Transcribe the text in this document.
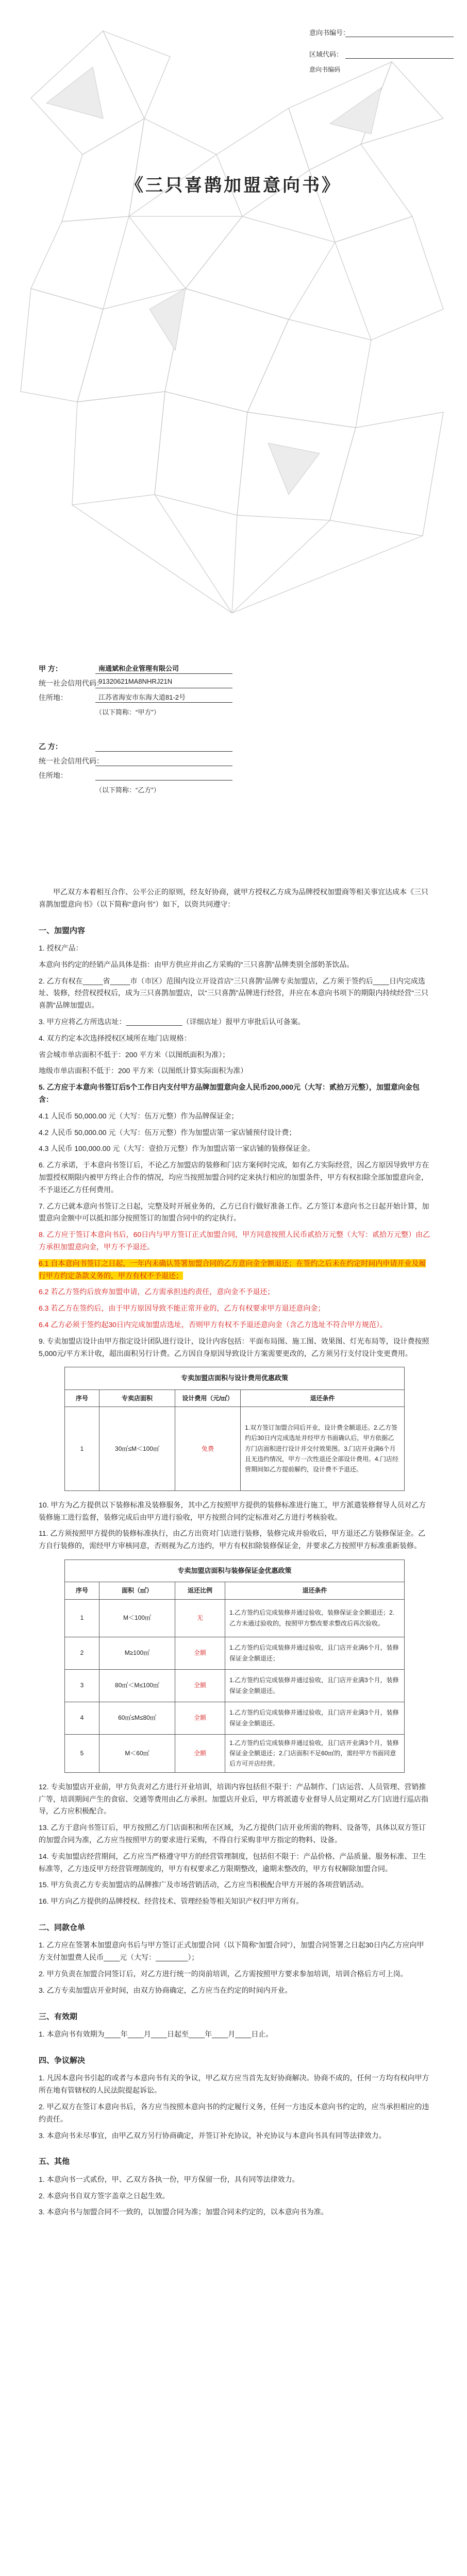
意向书编号：
区域代码：
意向书编码
《三只喜鹊加盟意向书》
甲 方：	南通斌和企业管理有限公司
统一社会信用代码：
91320621MA8NHRJ21N
住所地：	江苏省海安市东海大道81-2号
（以下简称：“甲方”）
乙 方：
统一社会信用代码：
住所地：
（以下简称：“乙方”）

甲乙双方本着相互合作、公平公正的原则，经友好协商，就甲方授权乙方成为品牌授权加盟商等相关事宜达成本《三只喜鹊加盟意向书》（以下简称“意向书”）如下，以资共同遵守：

一、加盟内容

1. 授权产品：

本意向书约定的经销产品具体是指：由甲方供应并由乙方采购的“三只喜鹊”品牌类别全部奶茶饮品。

2. 乙方有权在_____省_____市（市区）范围内设立开设首店“三只喜鹊”品牌专卖加盟店，乙方须于签约后____日内完成选址、装修，经营权授权后，成为三只喜鹊加盟店，以“三只喜鹊”品牌进行经营，并应在本意向书项下的期限内持续经营“三只喜鹊”品牌加盟店。

3. 甲方应将乙方所选店址：______________（详细店址）报甲方审批后认可备案。

4. 双方约定本次选择授权区域所在地门店规格：

省会城市单店面积不低于：200 平方米（以图纸面积为准）；

地级市单店面积不低于：200 平方米（以图纸计算实际面积为准）

5. 乙方应于本意向书签订后5个工作日内支付甲方品牌加盟意向金人民币200,000元（大写：贰拾万元整），加盟意向金包含：

4.1 人民币 50,000.00 元（大写：伍万元整）作为品牌保证金；

4.2 人民币 50,000.00 元（大写：伍万元整）作为加盟店第一家店铺预付设计费；

4.3 人民币 100,000.00 元（大写：壹拾万元整）作为加盟店第一家店铺的装修保证金。

6. 乙方承诺，于本意向书签订后，不论乙方加盟店的装修和门店方案何时完成，如有乙方实际经营，因乙方原因导致甲方在加盟授权期限内被甲方终止合作的情况，均应当按照加盟合同约定来执行相应的加盟条件，甲方有权扣除全部加盟意向金，不予退还乙方任何费用。

7. 乙方已就本意向书签订之日起，完整及时开展业务的，乙方已自行做好准备工作。乙方签订本意向书之日起开始计算，加盟意向金额中可以抵扣部分按照签订的加盟合同中的约定执行。

8. 乙方应于签订本意向书后，60日内与甲方签订正式加盟合同，甲方同意按照人民币贰拾万元整（大写：贰拾万元整）由乙方承担加盟意向金，甲方不予退还。

6.1 自本意向书签订之日起，一年内未确认签署加盟合同的乙方意向金全额退还；在签约之后未在约定时间内申请开业及履行甲方约定条款义务的，甲方有权不予退还；

6.2 若乙方签约后放弃加盟申请，乙方需承担违约责任，意向金不予退还；

6.3 若乙方在签约后，由于甲方原因导致不能正常开业的，乙方有权要求甲方退还意向金；

6.4 乙方必须于签约起30日内完成加盟店选址，否则甲方有权不予退还意向金（含乙方选址不符合甲方规范）。

9. 专卖加盟店设计由甲方指定设计团队进行设计，设计内容包括：平面布局图、施工图、效果图、灯光布局等，设计费按照5,000元/平方米计收，超出面积另行计费。乙方因自身原因导致设计方案需要更改的，乙方须另行支付设计变更费用。

专卖加盟店面积与设计费用优惠政策			
序号	专卖店面积	设计费用（元/㎡）	退还条件
1	30㎡≤M＜100㎡	免费	1.双方签订加盟合同后开业，设计费全额退还。2.乙方签约后30日内完成选址并经甲方书面确认后，甲方依据乙方门店面积进行设计并交付效果图。3.门店开业满6个月且无违约情况，甲方一次性退还全部设计费用。4.门店经营期间如乙方提前解约，设计费不予退还。

10. 甲方为乙方提供以下装修标准及装修服务，其中乙方按照甲方提供的装修标准进行施工，甲方派遣装修督导人员对乙方装修施工进行监督，装修完成后由甲方进行验收，甲方按照合同约定标准对乙方进行考核验收。

11. 乙方须按照甲方提供的装修标准执行，由乙方出资对门店进行装修，装修完成并验收后，甲方退还乙方装修保证金。乙方自行装修的，需经甲方审核同意，否则视为乙方违约，甲方有权扣除装修保证金，并要求乙方按照甲方标准重新装修。

专卖加盟店面积与装修保证金优惠政策			
序号	面积（㎡）	返还比例	退还条件
1	M＜100㎡	无	1.乙方签约后完成装修并通过验收，装修保证金全额退还；2.乙方未通过验收的，按照甲方整改要求整改后再次验收。
2	M≥100㎡	全额	1.乙方签约后完成装修并通过验收，且门店开业满6个月，装修保证金全额退还；
3	80㎡＜M≤100㎡	全额	1.乙方签约后完成装修并通过验收，且门店开业满3个月，装修保证金全额退还。
4	60㎡≤M≤80㎡	全额	1.乙方签约后完成装修并通过验收，且门店开业满3个月，装修保证金全额退还。
5	M＜60㎡	全额	1.乙方签约后完成装修并通过验收，且门店开业满3个月，装修保证金全额退还；2.门店面积不足60㎡的，需经甲方书面同意后方可开店经营。

12. 专卖加盟店开业前，甲方负责对乙方进行开业培训，培训内容包括但不限于：产品制作、门店运营、人员管理、营销推广等，培训期间产生的食宿、交通等费用由乙方承担。加盟店开业后，甲方将派遣专业督导人员定期对乙方门店进行巡店指导，乙方应积极配合。

13. 乙方于意向书签订后，甲方按照乙方门店面积和所在区域，为乙方提供门店开业所需的物料、设备等，具体以双方签订的加盟合同为准，乙方应当按照甲方的要求进行采购，不得自行采购非甲方指定的物料、设备。

14. 专卖加盟店经营期间，乙方应当严格遵守甲方的经营管理制度，包括但不限于：产品价格、产品质量、服务标准、卫生标准等，乙方违反甲方经营管理制度的，甲方有权要求乙方限期整改，逾期未整改的，甲方有权解除加盟合同。

15. 甲方负责乙方专卖加盟店的品牌推广及市场营销活动，乙方应当积极配合甲方开展的各项营销活动。

16. 甲方向乙方提供的品牌授权、经营技术、管理经验等相关知识产权归甲方所有。

二、同款仓单

1. 乙方应在签署本加盟意向书后与甲方签订正式加盟合同（以下简称“加盟合同”），加盟合同签署之日起30日内乙方应向甲方支付加盟费人民币____元（大写：________）；

2. 甲方负责在加盟合同签订后，对乙方进行统一的岗前培训，乙方需按照甲方要求参加培训，培训合格后方可上岗。

3. 乙方专卖加盟店开业时间，由双方协商确定，乙方应当在约定的时间内开业。

三、有效期

1. 本意向书有效期为____年____月____日起至____年____月____日止。

四、争议解决

1. 凡因本意向书引起的或者与本意向书有关的争议，甲乙双方应当首先友好协商解决。协商不成的，任何一方均有权向甲方所在地有管辖权的人民法院提起诉讼。

2. 甲乙双方在签订本意向书后，各方应当按照本意向书的约定履行义务，任何一方违反本意向书约定的，应当承担相应的违约责任。

3. 本意向书未尽事宜，由甲乙双方另行协商确定，并签订补充协议，补充协议与本意向书具有同等法律效力。

五、其他

1. 本意向书一式贰份，甲、乙双方各执一份，甲方保留一份，具有同等法律效力。

2. 本意向书自双方签字盖章之日起生效。

3. 本意向书与加盟合同不一致的，以加盟合同为准；加盟合同未约定的，以本意向书为准。
